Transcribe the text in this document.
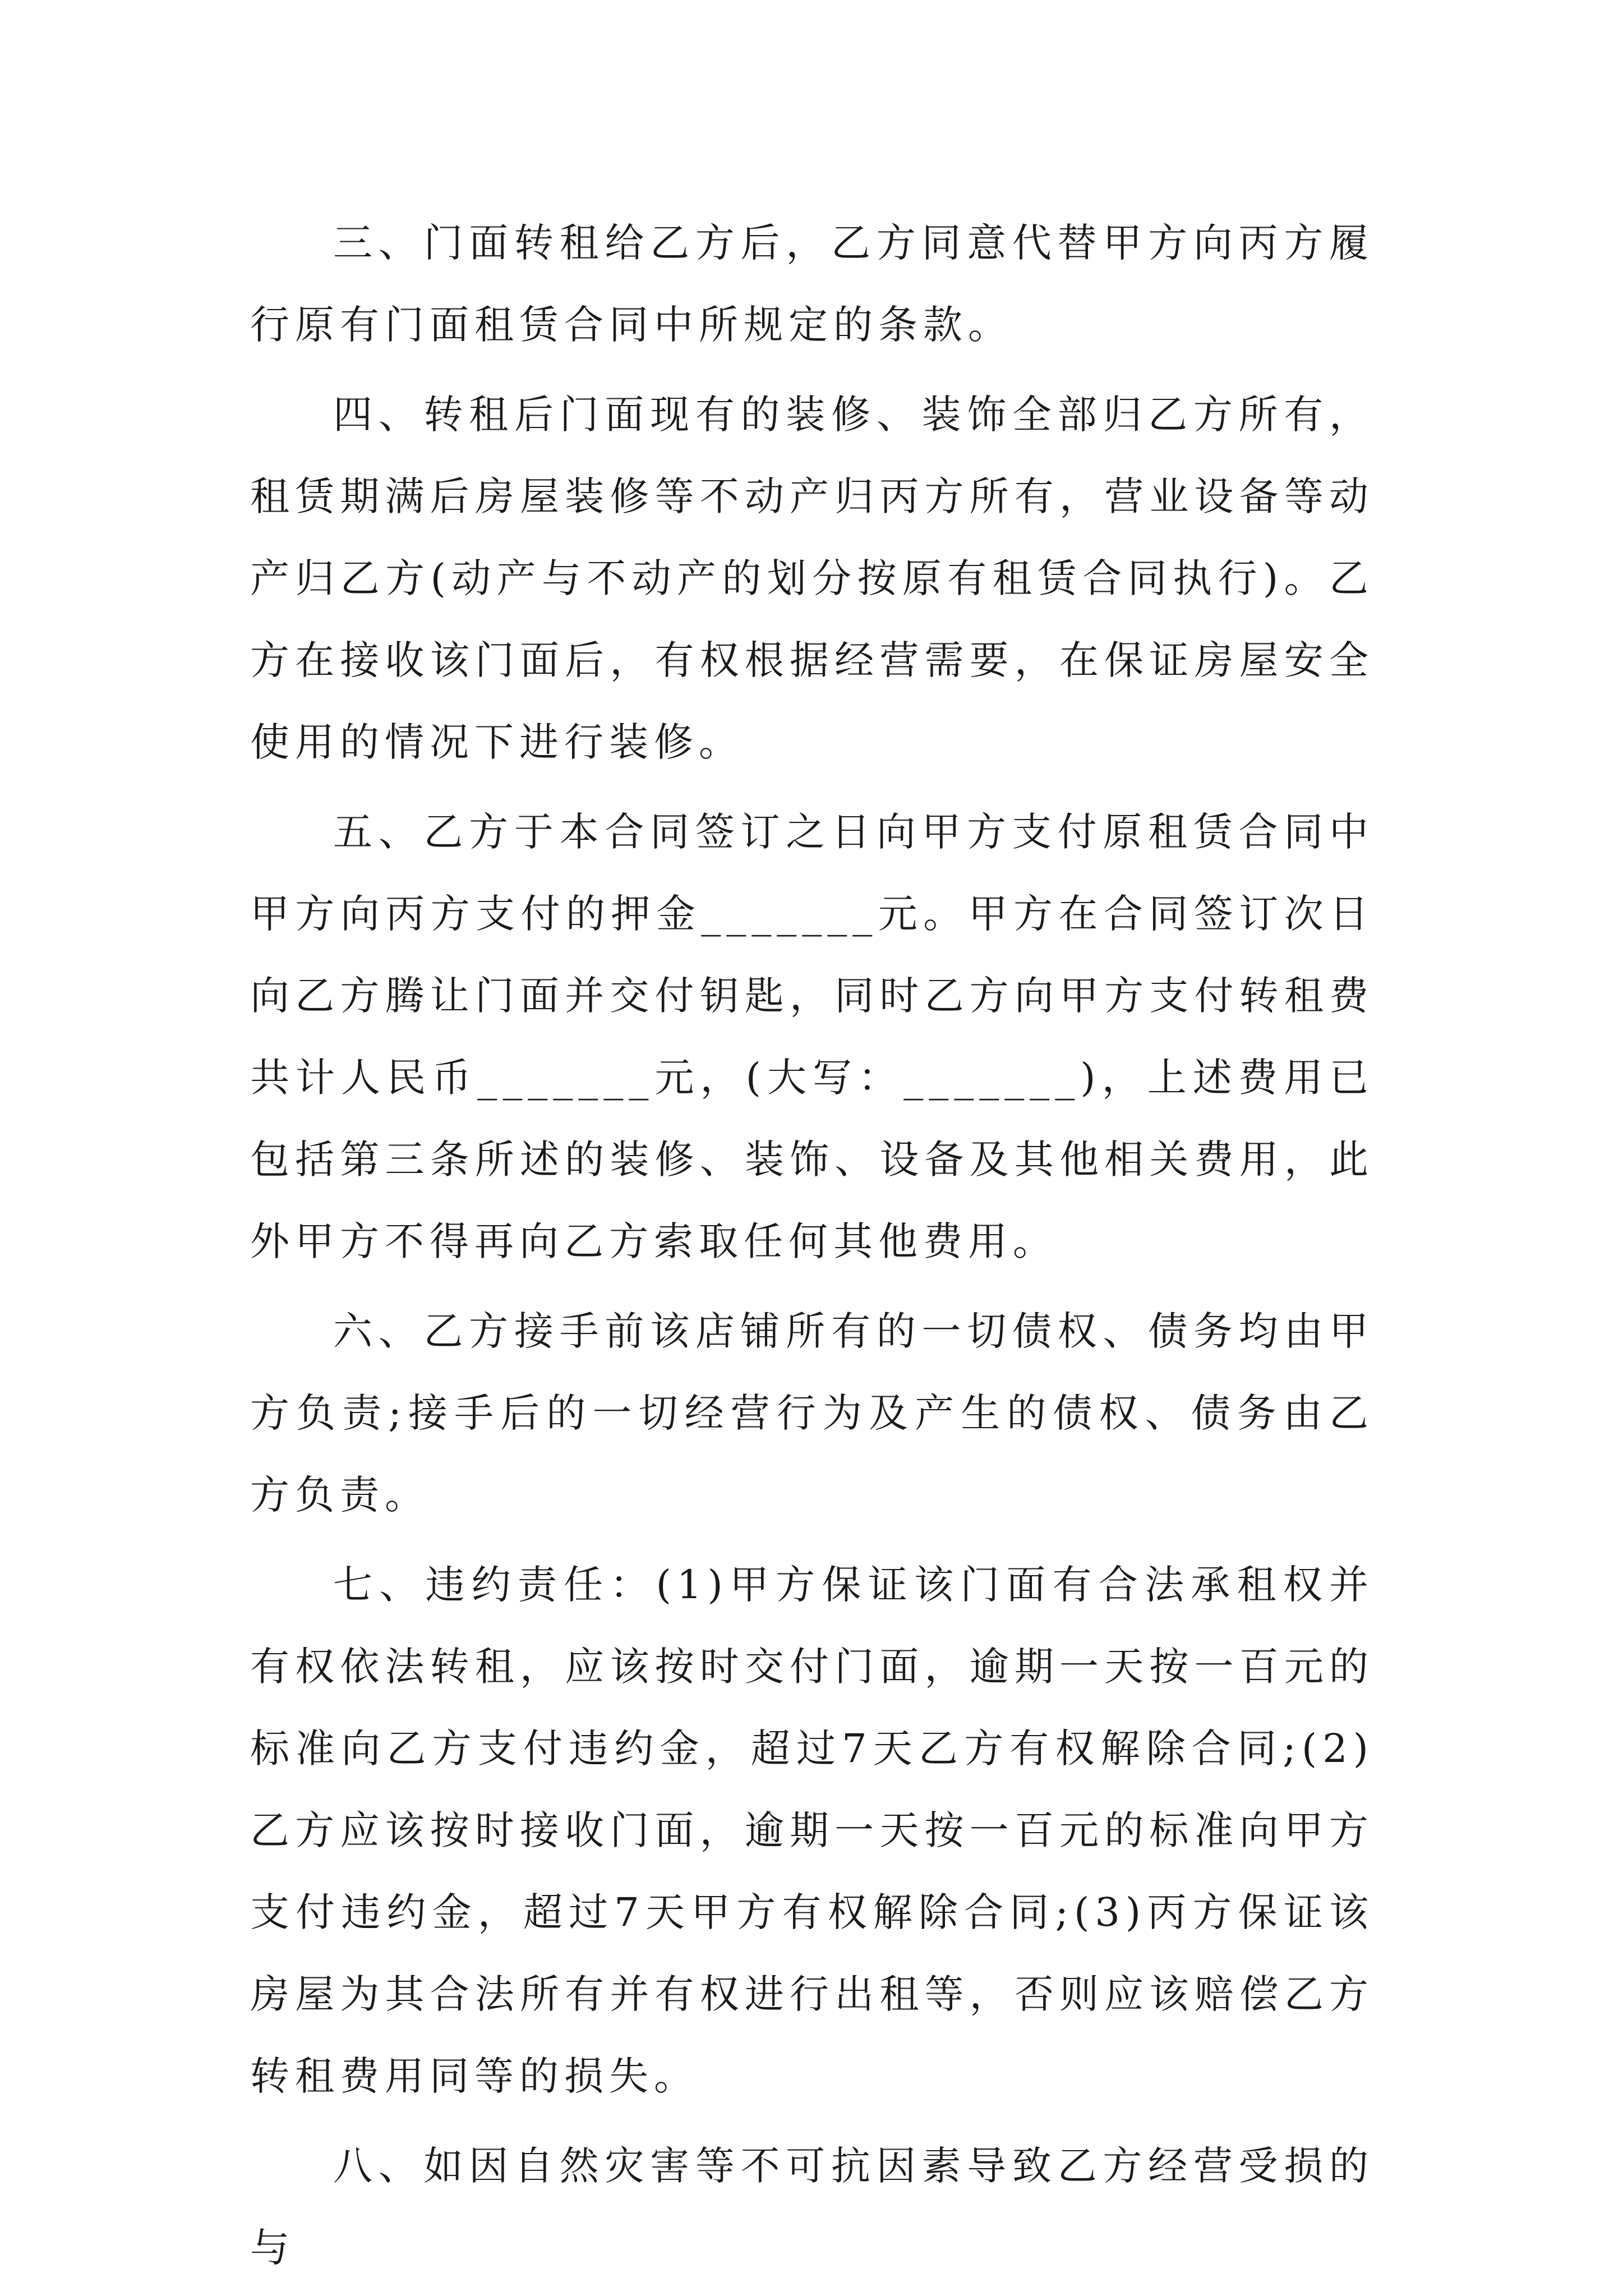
三、门面转租给乙方后，乙方同意代替甲方向丙方履行原有门面租赁合同中所规定的条款。

四、转租后门面现有的装修、装饰全部归乙方所有，租赁期满后房屋装修等不动产归丙方所有，营业设备等动产归乙方(动产与不动产的划分按原有租赁合同执行)。乙方在接收该门面后，有权根据经营需要，在保证房屋安全使用的情况下进行装修。

五、乙方于本合同签订之日向甲方支付原租赁合同中甲方向丙方支付的押金_______元。甲方在合同签订次日向乙方腾让门面并交付钥匙，同时乙方向甲方支付转租费共计人民币_______元，(大写：_______)，上述费用已包括第三条所述的装修、装饰、设备及其他相关费用，此外甲方不得再向乙方索取任何其他费用。

六、乙方接手前该店铺所有的一切债权、债务均由甲方负责;接手后的一切经营行为及产生的债权、债务由乙方负责。

七、违约责任：(1)甲方保证该门面有合法承租权并有权依法转租，应该按时交付门面，逾期一天按一百元的标准向乙方支付违约金，超过7天乙方有权解除合同;(2)乙方应该按时接收门面，逾期一天按一百元的标准向甲方支付违约金，超过7天甲方有权解除合同;(3)丙方保证该房屋为其合法所有并有权进行出租等，否则应该赔偿乙方转租费用同等的损失。

八、如因自然灾害等不可抗因素导致乙方经营受损的与
